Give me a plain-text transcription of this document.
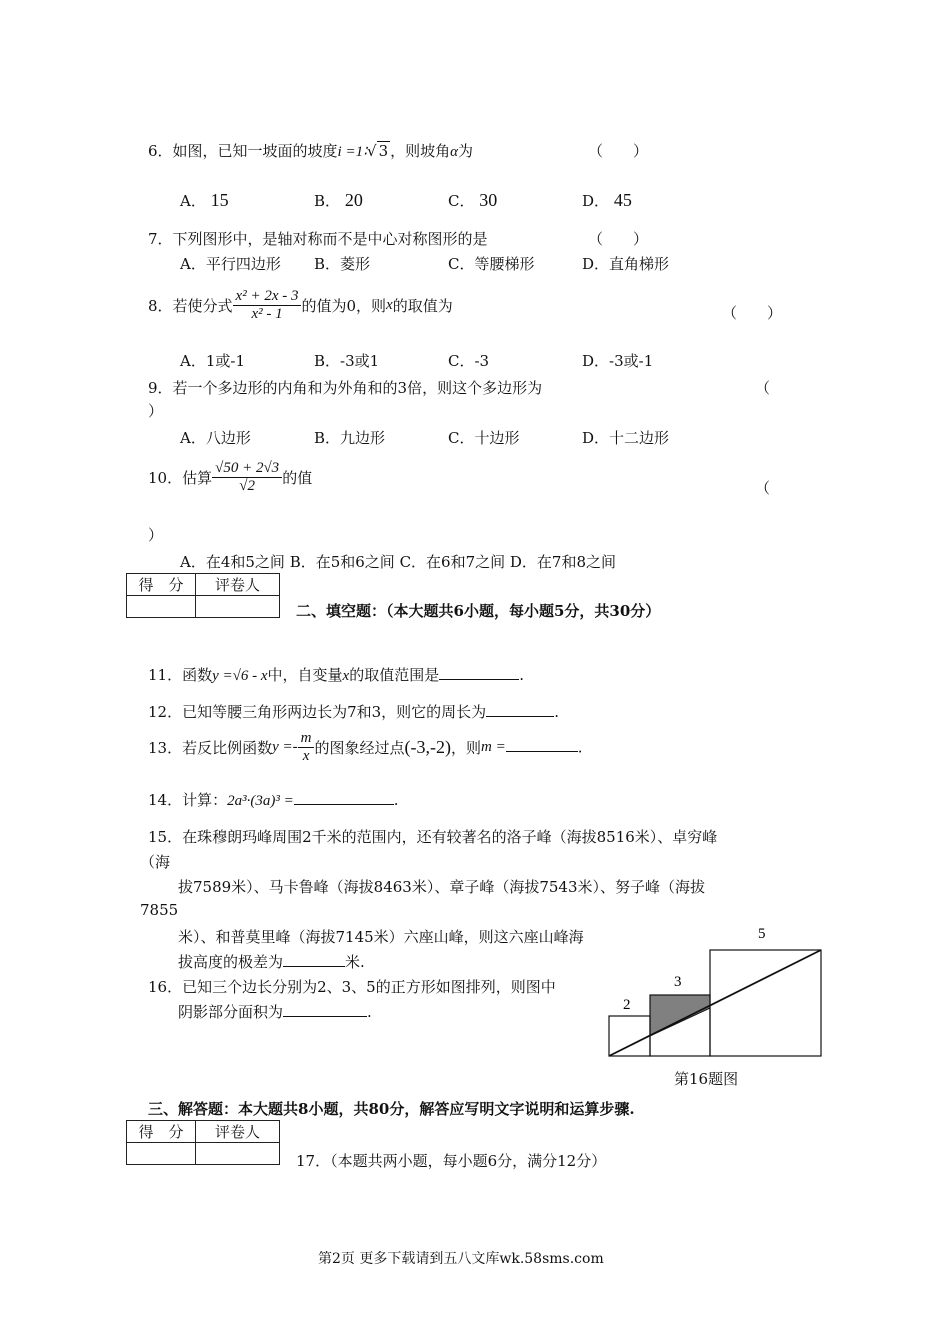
6．如图，已知一坡面的坡度i =1∶√ 3 ，则坡角α为	（　　）
A． 15	B． 20	C． 30	D． 45
7．下列图形中，是轴对称而不是中心对称图形的是	（　　）
A．平行四边形 B．菱形	C．等腰梯形	D．直角梯形
8．若使分式 $\frac{\text{x² + 2x - 3}}{\text{x² - 1}}$ 的值为0，则x的取值为	（　　）
A．1或-1	B．-3或1	C．-3	D．-3或-1
9．若一个多边形的内角和为外角和的3倍，则这个多边形为	（
）
A．八边形	B．九边形	C．十边形	D．十二边形
10．估算 $\frac{√50 + 2√3}{√2}$ 的值
（
）
A．在4和5之间 B．在5和6之间 C．在6和7之间 D．在7和8之间
得　分	评卷人

二、填空题：（本大题共6小题，每小题5分，共30分）
11．函数y =√6 - x中，自变量x的取值范围是	.
12．已知等腰三角形两边长为7和3，则它的周长为	.
13．若反比例函数$y =- \frac{m}{x}$ 的图象经过点(-3,-2)，则m =	.
14．计算：2a³·(3a)³ =	.
15．在珠穆朗玛峰周围2千米的范围内，还有较著名的洛子峰（海拔8516米）、卓穷峰
（海
拔7589米）、马卡鲁峰（海拔8463米）、章子峰（海拔7543米）、努子峰（海拔
7855
米）、和普莫里峰（海拔7145米）六座山峰，则这六座山峰海
拔高度的极差为	米.
16．已知三个边长分别为2、3、5的正方形如图排列，则图中
阴影部分面积为	.	2
3
5
第16题图
三、解答题：本大题共8小题，共80分，解答应写明文字说明和运算步骤.
得　分	评卷人

17．（本题共两小题，每小题6分，满分12分）
第2页 更多下载请到五八文库wk.58sms.com
